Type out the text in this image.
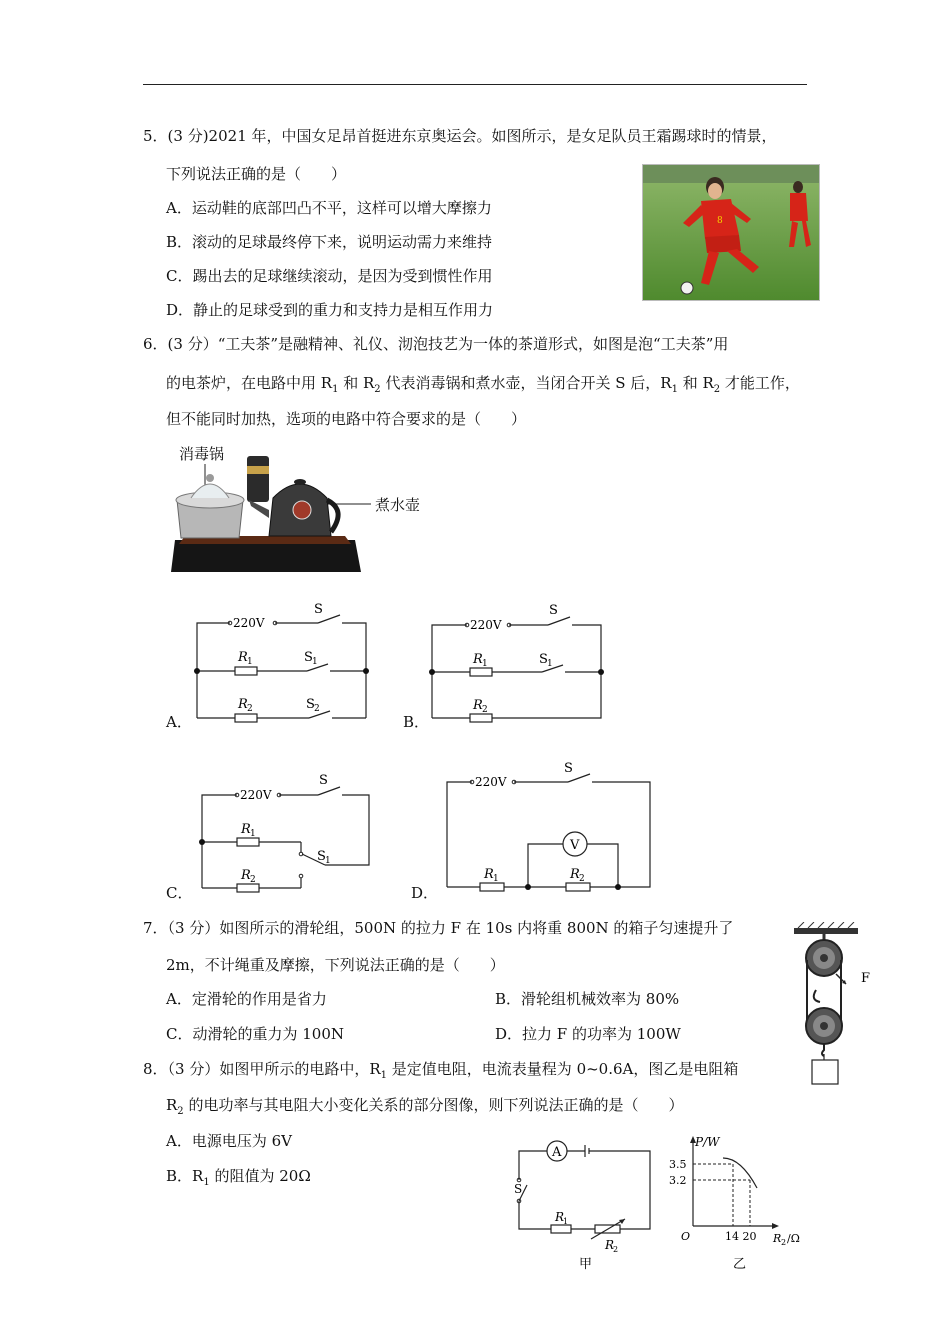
5．(3 分)2021 年，中国女足昂首挺进东京奥运会。如图所示，是女足队员王霜踢球时的情景，
下列说法正确的是（　　）
A．运动鞋的底部凹凸不平，这样可以增大摩擦力
B．滚动的足球最终停下来，说明运动需力来维持
C．踢出去的足球继续滚动，是因为受到惯性作用
D．静止的足球受到的重力和支持力是相互作用力
8
6．(3 分）“工夫茶”是融精神、礼仪、沏泡技艺为一体的茶道形式，如图是泡“工夫茶”用
的电茶炉，在电路中用 $R_1$ 和 $R_2$ 代表消毒锅和煮水壶，当闭合开关 S 后，$R_1$ 和 $R_2$ 才能工作，
但不能同时加热，选项的电路中符合要求的是（　　）
消毒锅
煮水壶
220V
S
R 1	S 1
R 2	S 2
A．
220V
S
R 1	S 1
R 2
B．
220V
S
R 1
S 1
R 2
C．
220V
S
V
R 1	R 2
D．
7．（3 分）如图所示的滑轮组，500N 的拉力 F 在 10s 内将重 800N 的箱子匀速提升了
2m，不计绳重及摩擦，下列说法正确的是（　　）
A．定滑轮的作用是省力	B．滑轮组机械效率为 80%
C．动滑轮的重力为 100N	D．拉力 F 的功率为 100W
F
8．（3 分）如图甲所示的电路中，$R_1$ 是定值电阻，电流表量程为 0~0.6A，图乙是电阻箱
$R_2$ 的电功率与其电阻大小变化关系的部分图像，则下列说法正确的是（　　）
A．电源电压为 6V
B．$R_1$ 的阻值为 20Ω
A
S
R
1
R
2
甲
P/W
3.5
3.2
O	14 20 R 2 /Ω
乙
